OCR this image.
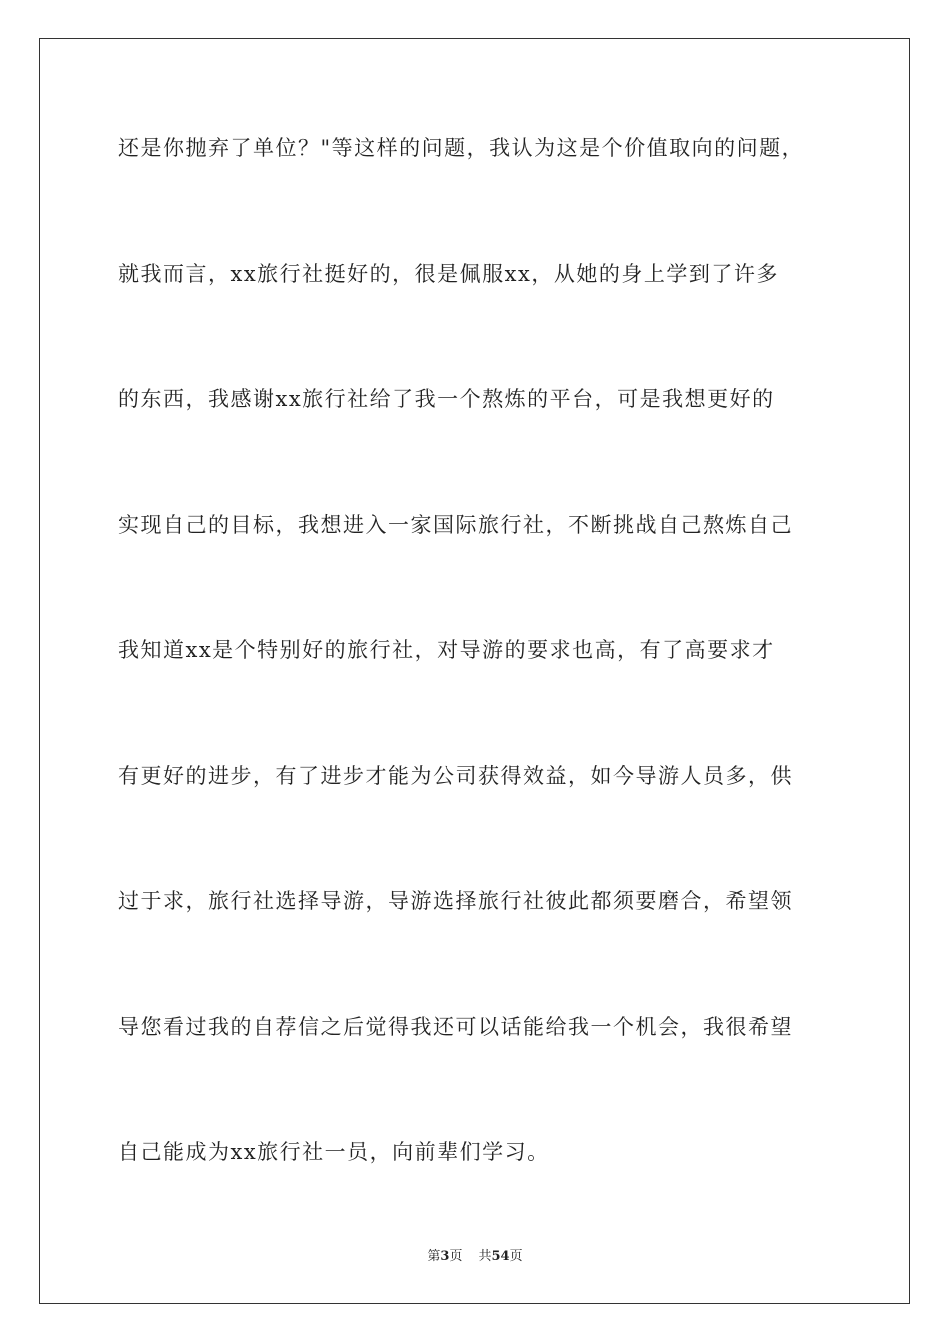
还是你抛弃了单位？"等这样的问题，我认为这是个价值取向的问题，
就我而言，xx旅行社挺好的，很是佩服xx，从她的身上学到了许多
的东西，我感谢xx旅行社给了我一个熬炼的平台，可是我想更好的
实现自己的目标，我想进入一家国际旅行社，不断挑战自己熬炼自己
我知道xx是个特别好的旅行社，对导游的要求也高，有了高要求才
有更好的进步，有了进步才能为公司获得效益，如今导游人员多，供
过于求，旅行社选择导游，导游选择旅行社彼此都须要磨合，希望领
导您看过我的自荐信之后觉得我还可以话能给我一个机会，我很希望
自己能成为xx旅行社一员，向前辈们学习。
第3页 共54页
